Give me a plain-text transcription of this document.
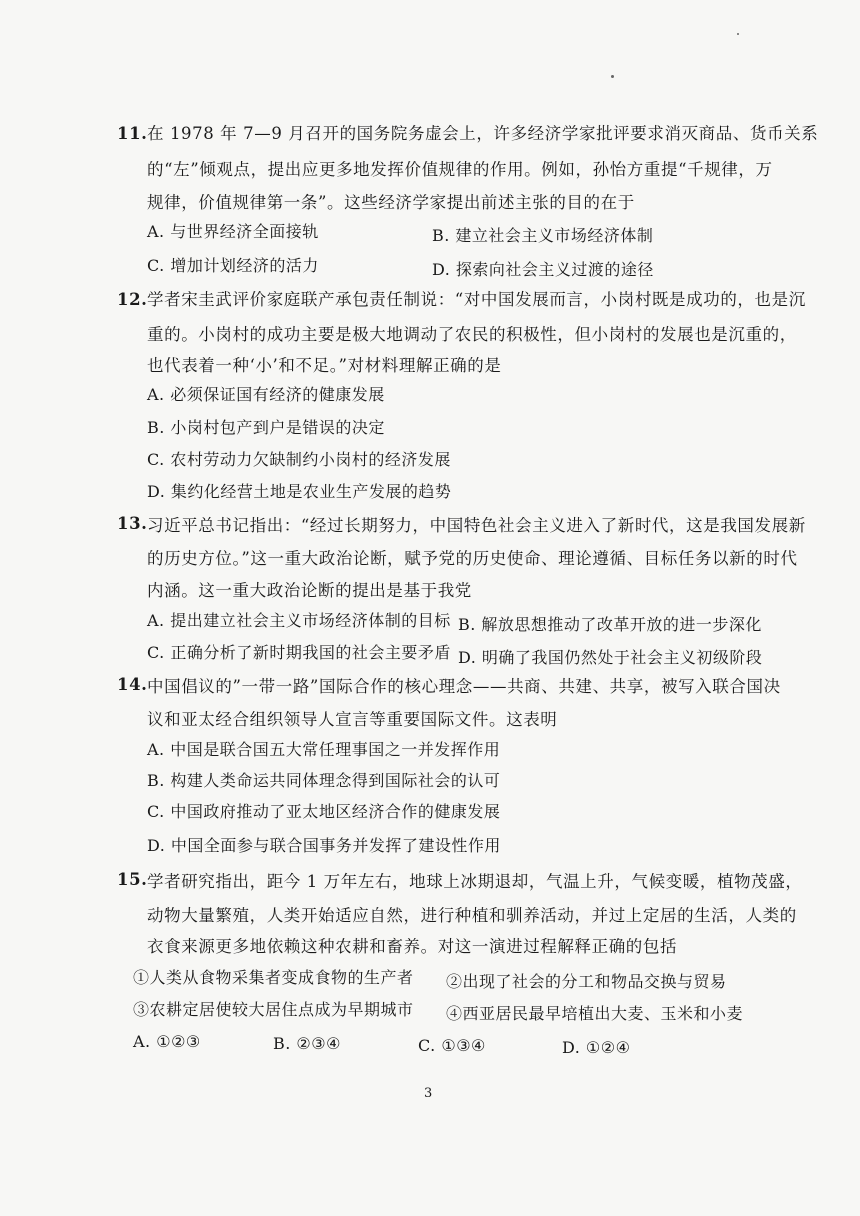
11. 在 1978 年 7—9 月召开的国务院务虚会上，许多经济学家批评要求消灭商品、货币关系
的“左”倾观点，提出应更多地发挥价值规律的作用。例如，孙怡方重提“千规律，万
规律，价值规律第一条”。这些经济学家提出前述主张的目的在于
A. 与世界经济全面接轨	B. 建立社会主义市场经济体制
C. 增加计划经济的活力	D. 探索向社会主义过渡的途径
12. 学者宋圭武评价家庭联产承包责任制说：“对中国发展而言，小岗村既是成功的，也是沉
重的。小岗村的成功主要是极大地调动了农民的积极性，但小岗村的发展也是沉重的，
也代表着一种‘小’和不足。”对材料理解正确的是
A. 必须保证国有经济的健康发展
B. 小岗村包产到户是错误的决定
C. 农村劳动力欠缺制约小岗村的经济发展
D. 集约化经营土地是农业生产发展的趋势
13. 习近平总书记指出：“经过长期努力，中国特色社会主义进入了新时代，这是我国发展新
的历史方位。”这一重大政治论断，赋予党的历史使命、理论遵循、目标任务以新的时代
内涵。这一重大政治论断的提出是基于我党
A. 提出建立社会主义市场经济体制的目标 B. 解放思想推动了改革开放的进一步深化
C. 正确分析了新时期我国的社会主要矛盾 D. 明确了我国仍然处于社会主义初级阶段
14. 中国倡议的”一带一路”国际合作的核心理念——共商、共建、共享，被写入联合国决
议和亚太经合组织领导人宣言等重要国际文件。这表明
A. 中国是联合国五大常任理事国之一并发挥作用
B. 构建人类命运共同体理念得到国际社会的认可
C. 中国政府推动了亚太地区经济合作的健康发展
D. 中国全面参与联合国事务并发挥了建设性作用
15. 学者研究指出，距今 1 万年左右，地球上冰期退却，气温上升，气候变暖，植物茂盛，
动物大量繁殖，人类开始适应自然，进行种植和驯养活动，并过上定居的生活，人类的
衣食来源更多地依赖这种农耕和畜养。对这一演进过程解释正确的包括
①人类从食物采集者变成食物的生产者 ②出现了社会的分工和物品交换与贸易
③农耕定居使较大居住点成为早期城市 ④西亚居民最早培植出大麦、玉米和小麦
A. ①②③	B. ②③④	C. ①③④	D. ①②④
3
